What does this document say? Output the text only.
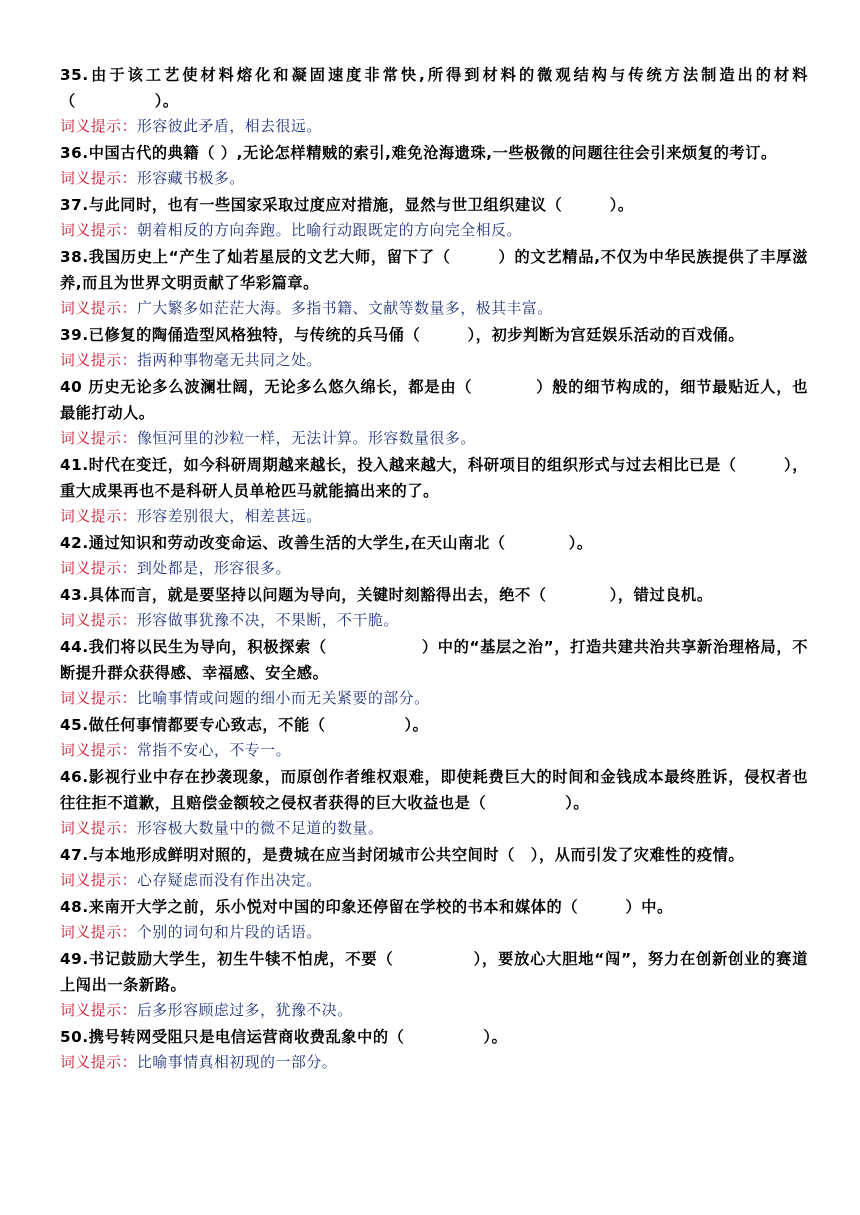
35.由于该工艺使材料熔化和凝固速度非常快,所得到材料的微观结构与传统方法制造出的材料（　　　　　）。
词义提示：形容彼此矛盾，相去很远。
36.中国古代的典籍（ ）,无论怎样精贼的索引,难免沧海遗珠,一些极微的问题往往会引来烦复的考订。
词义提示：形容藏书极多。
37.与此同时，也有一些国家采取过度应对措施，显然与世卫组织建议（　　　）。
词义提示：朝着相反的方向奔跑。比喻行动跟既定的方向完全相反。
38.我国历史上“产生了灿若星辰的文艺大师，留下了（　　　）的文艺精品,不仅为中华民族提供了丰厚滋养,而且为世界文明贡献了华彩篇章。
词义提示：广大繁多如茫茫大海。多指书籍、文献等数量多，极其丰富。
39.已修复的陶俑造型风格独特，与传统的兵马俑（　　　），初步判断为宫廷娱乐活动的百戏俑。
词义提示：指两种事物毫无共同之处。
40 历史无论多么波澜壮阔，无论多么悠久绵长，都是由（　　　　）般的细节构成的，细节最贴近人，也最能打动人。
词义提示：像恒河里的沙粒一样，无法计算。形容数量很多。
41.时代在变迁，如今科研周期越来越长，投入越来越大，科研项目的组织形式与过去相比已是（　　　），重大成果再也不是科研人员单枪匹马就能搞出来的了。
词义提示：形容差别很大，相差甚远。
42.通过知识和劳动改变命运、改善生活的大学生,在天山南北（　　　　）。
词义提示：到处都是，形容很多。
43.具体而言，就是要坚持以问题为导向，关键时刻豁得出去，绝不（　　　　），错过良机。
词义提示：形容做事犹豫不决，不果断，不干脆。
44.我们将以民生为导向，积极探索（　　　　　　）中的“基层之治”，打造共建共治共享新治理格局，不断提升群众获得感、幸福感、安全感。
词义提示：比喻事情或问题的细小而无关紧要的部分。
45.做任何事情都要专心致志，不能（　　　　　）。
词义提示：常指不安心，不专一。
46.影视行业中存在抄袭现象，而原创作者维权艰难，即使耗费巨大的时间和金钱成本最终胜诉，侵权者也往往拒不道歉，且赔偿金额较之侵权者获得的巨大收益也是（　　　　　）。
词义提示：形容极大数量中的微不足道的数量。
47.与本地形成鲜明对照的，是费城在应当封闭城市公共空间时（　），从而引发了灾难性的疫情。
词义提示：心存疑虑而没有作出决定。
48.来南开大学之前，乐小悦对中国的印象还停留在学校的书本和媒体的（　　　）中。
词义提示：个别的词句和片段的话语。
49.书记鼓励大学生，初生牛犊不怕虎，不要（　　　　　），要放心大胆地“闯”，努力在创新创业的赛道上闯出一条新路。
词义提示：后多形容顾虑过多，犹豫不决。
50.携号转网受阻只是电信运营商收费乱象中的（　　　　　）。
词义提示：比喻事情真相初现的一部分。
